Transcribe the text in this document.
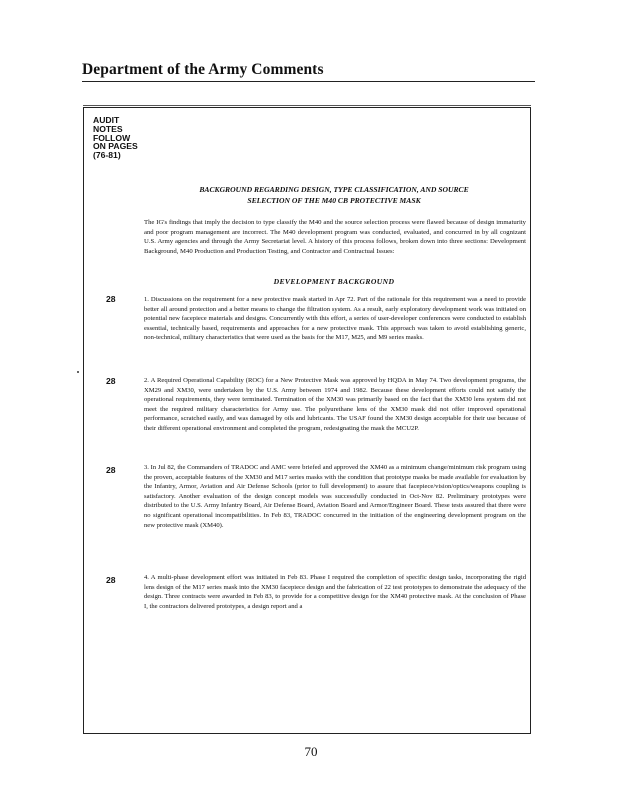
Department of the Army Comments
AUDIT
NOTES
FOLLOW
ON PAGES
(76-81)
BACKGROUND REGARDING DESIGN, TYPE CLASSIFICATION, AND SOURCE
SELECTION OF THE M40 CB PROTECTIVE MASK
The IG's findings that imply the decision to type classify the M40 and the source selection process were flawed because of design immaturity and poor program management are incorrect. The M40 development program was conducted, evaluated, and concurred in by all cognizant U.S. Army agencies and through the Army Secretariat level. A history of this process follows, broken down into three sections: Development Background, M40 Production and Production Testing, and Contractor and Contractual Issues:
DEVELOPMENT BACKGROUND
28	1. Discussions on the requirement for a new protective mask started in Apr 72. Part of the rationale for this requirement was a need to provide better all around protection and a better means to change the filtration system. As a result, early exploratory development work was initiated on potential new facepiece materials and designs. Concurrently with this effort, a series of user-developer conferences were conducted to establish essential, technically based, requirements and approaches for a new protective mask. This approach was taken to avoid establishing generic, non-technical, military characteristics that were used as the basis for the M17, M25, and M9 series masks.
28	2. A Required Operational Capability (ROC) for a New Protective Mask was approved by HQDA in May 74. Two development programs, the XM29 and XM30, were undertaken by the U.S. Army between 1974 and 1982. Because these development efforts could not satisfy the operational requirements, they were terminated. Termination of the XM30 was primarily based on the fact that the XM30 lens system did not meet the required military characteristics for Army use. The polyurethane lens of the XM30 mask did not offer improved operational performance, scratched easily, and was damaged by oils and lubricants. The USAF found the XM30 design acceptable for their use because of their different operational environment and completed the program, redesignating the mask the MCU2P.
28	3. In Jul 82, the Commanders of TRADOC and AMC were briefed and approved the XM40 as a minimum change/minimum risk program using the proven, acceptable features of the XM30 and M17 series masks with the condition that prototype masks be made available for evaluation by the Infantry, Armor, Aviation and Air Defense Schools (prior to full development) to assure that facepiece/vision/optics/weapons coupling is satisfactory. Another evaluation of the design concept models was successfully conducted in Oct-Nov 82. Preliminary prototypes were distributed to the U.S. Army Infantry Board, Air Defense Board, Aviation Board and Armor/Engineer Board. These tests assured that there were no significant operational incompatibilities. In Feb 83, TRADOC concurred in the initiation of the engineering development program on the new protective mask (XM40).
28	4. A multi-phase development effort was initiated in Feb 83. Phase I required the completion of specific design tasks, incorporating the rigid lens design of the M17 series mask into the XM30 facepiece design and the fabrication of 22 test prototypes to demonstrate the adequacy of the design. Three contracts were awarded in Feb 83, to provide for a competitive design for the XM40 protective mask. At the conclusion of Phase I, the contractors delivered prototypes, a design report and a
70
